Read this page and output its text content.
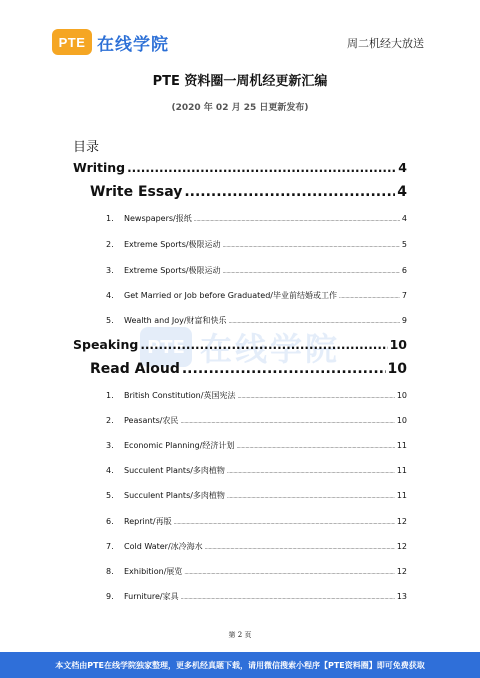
PTE 在线学院	周二机经大放送
PTE 资料圈一周机经更新汇编
(2020 年 02 月 25 日更新发布)
PTE 在线学院
目录
Writing .....	4
Write Essay .....	4
1. Newspapers/报纸 .....	4
2. Extreme Sports/极限运动 .....	5
3. Extreme Sports/极限运动 .....	6
4. Get Married or Job before Graduated/毕业前结婚或工作 .....	7
5. Wealth and Joy/财富和快乐 .....	9
Speaking .....	10
Read Aloud .....	10
1. British Constitution/英国宪法 .....	10
2. Peasants/农民 .....	10
3. Economic Planning/经济计划 .....	11
4. Succulent Plants/多肉植物 .....	11
5. Succulent Plants/多肉植物 .....	11
6. Reprint/再版 .....	12
7. Cold Water/冰冷海水 .....	12
8. Exhibition/展览 .....	12
9. Furniture/家具 .....	13
第 2 页
本文档由PTE在线学院独家整理，更多机经真题下载，请用微信搜索小程序【PTE资料圈】即可免费获取
